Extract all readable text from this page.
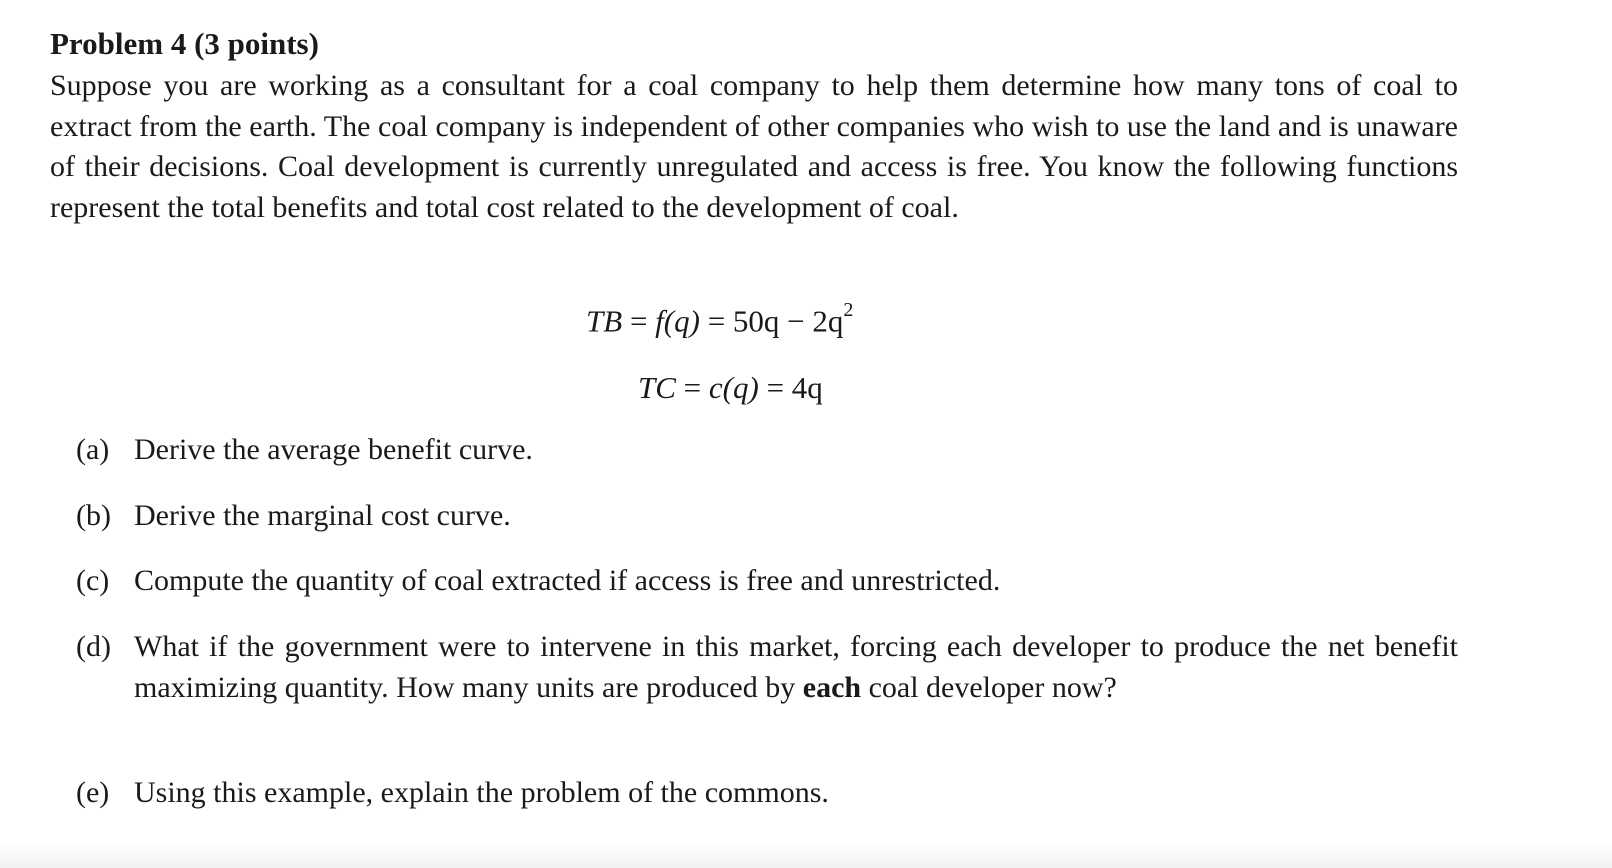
Problem 4 (3 points)

Suppose you are working as a consultant for a coal company to help them determine how many tons of coal to extract from the earth. The coal company is independent of other companies who wish to use the land and is unaware of their decisions. Coal development is currently unregulated and access is free. You know the following functions represent the total benefits and total cost related to the development of coal.

TB = $f(q) = 50q - 2q^2$
TC = c(q) = 4q
(a) Derive the average benefit curve.
(b) Derive the marginal cost curve.
(c) Compute the quantity of coal extracted if access is free and unrestricted.
(d) What if the government were to intervene in this market, forcing each developer to produce the net benefit maximizing quantity. How many units are produced by each coal developer now?
(e) Using this example, explain the problem of the commons.
